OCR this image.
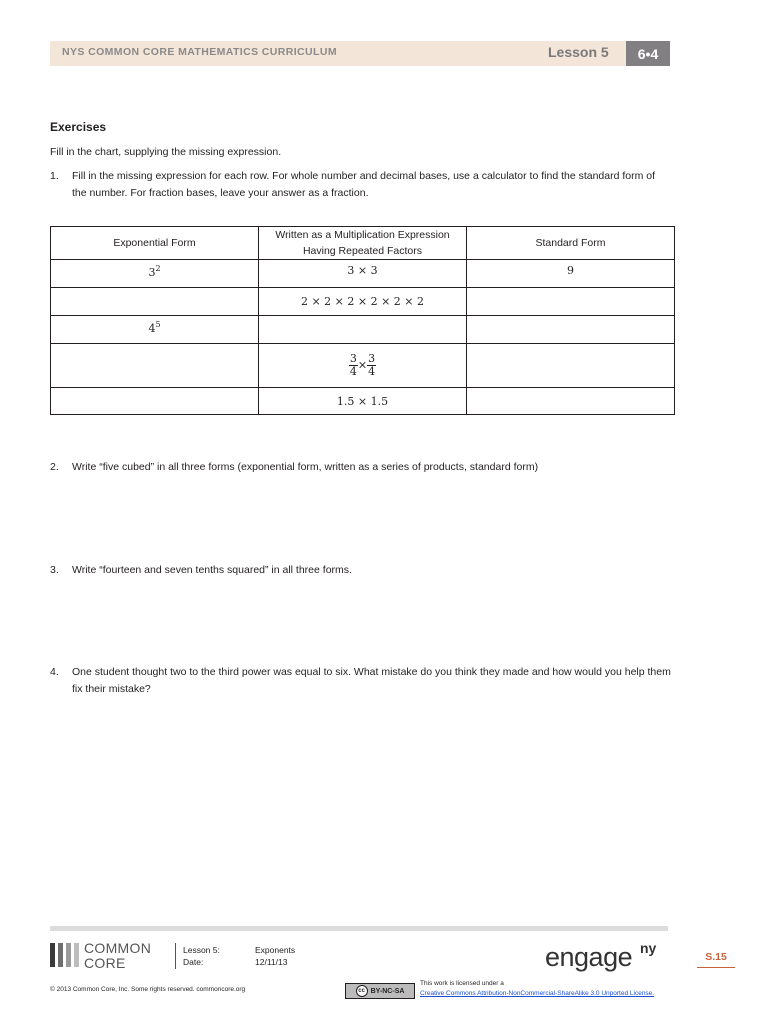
NYS COMMON CORE MATHEMATICS CURRICULUM	Lesson 5	6•4
Exercises
Fill in the chart, supplying the missing expression.
1. Fill in the missing expression for each row. For whole number and decimal bases, use a calculator to find the standard form of the number. For fraction bases, leave your answer as a fraction.
Exponential Form	Written as a Multiplication Expression Having Repeated Factors	Standard Form
$3^2$	3 × 3	9
	2 × 2 × 2 × 2 × 2 × 2	
$4^5$		

	$\frac{3}{4} \times \frac{3}{4}$

	1.5 × 1.5	
2. Write “five cubed” in all three forms (exponential form, written as a series of products, standard form)
3. Write “fourteen and seven tenths squared” in all three forms.
4. One student thought two to the third power was equal to six. What mistake do you think they made and how would you help them fix their mistake?
COMMON
CORE
Lesson 5:	Exponents
Date:	12/11/13	engage ny
S.15
© 2013 Common Core, Inc. Some rights reserved. commoncore.org	cc BY-NC-SA
This work is licensed under a
Creative Commons Attribution-NonCommercial-ShareAlike 3.0 Unported License.
